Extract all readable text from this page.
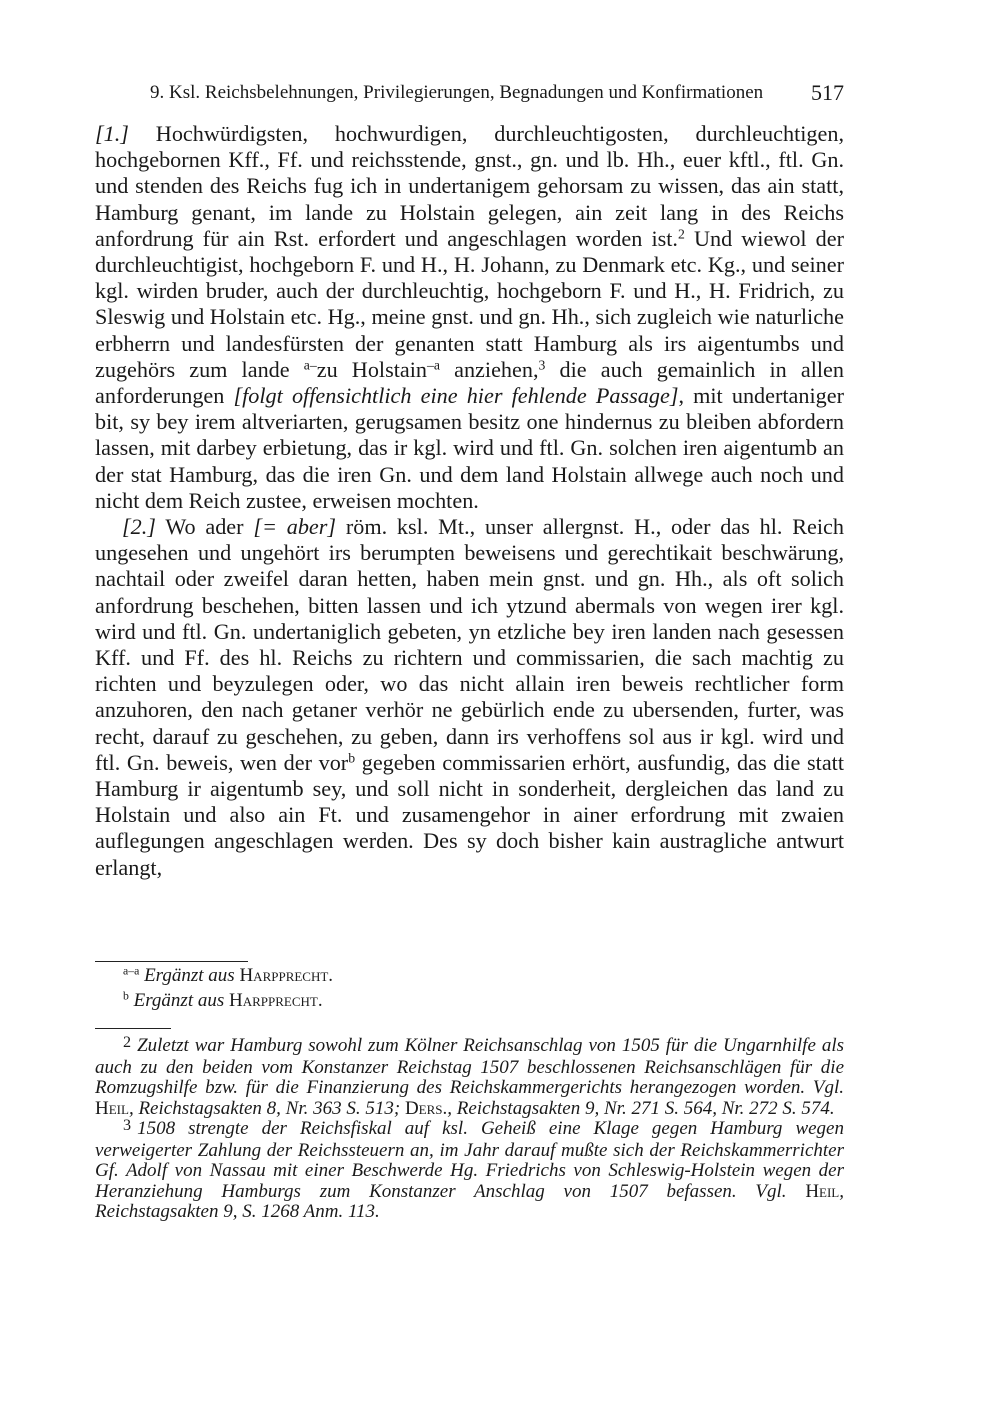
9. Ksl. Reichsbelehnungen, Privilegierungen, Begnadungen und Konfirmationen 517

[1.] Hochwürdigsten, hochwurdigen, durchleuchtigosten, durchleuchtigen, hochgebornen Kff., Ff. und reichsstende, gnst., gn. und lb. Hh., euer kftl., ftl. Gn. und stenden des Reichs fug ich in undertanigem gehorsam zu wissen, das ain statt, Hamburg genant, im lande zu Holstain gelegen, ain zeit lang in des Reichs anfordrung für ain Rst. erfordert und angeschlagen worden ist.$^2$ Und wiewol der durchleuchtigist, hochgeborn F. und H., H. Johann, zu Denmark etc. Kg., und seiner kgl. wirden bruder, auch der durchleuchtig, hochgeborn F. und H., H. Fridrich, zu Sleswig und Holstain etc. Hg., meine gnst. und gn. Hh., sich zugleich wie naturliche erbherrn und landesfürsten der genanten statt Hamburg als irs aigentumbs und zugehörs zum lande $^{a-}$zu Holstain$^{-a}$ anziehen,$^3$ die auch gemainlich in allen anforderungen [folgt offensichtlich eine hier fehlende Passage], mit undertaniger bit, sy bey irem altveriarten, gerugsamen besitz one hindernus zu bleiben abfordern lassen, mit darbey erbietung, das ir kgl. wird und ftl. Gn. solchen iren aigentumb an der stat Hamburg, das die iren Gn. und dem land Holstain allwege auch noch und nicht dem Reich zustee, erweisen mochten.

[2.] Wo ader [= aber] röm. ksl. Mt., unser allergnst. H., oder das hl. Reich ungesehen und ungehört irs berumpten beweisens und gerechtikait beschwärung, nachtail oder zweifel daran hetten, haben mein gnst. und gn. Hh., als oft solich anfordrung beschehen, bitten lassen und ich ytzund abermals von wegen irer kgl. wird und ftl. Gn. undertaniglich gebeten, yn etzliche bey iren landen nach gesessen Kff. und Ff. des hl. Reichs zu richtern und commissarien, die sach machtig zu richten und beyzulegen oder, wo das nicht allain iren beweis rechtlicher form anzuhoren, den nach getaner verhör ne gebürlich ende zu ubersenden, furter, was recht, darauf zu geschehen, zu geben, dann irs verhoffens sol aus ir kgl. wird und ftl. Gn. beweis, wen der vor$^b$ gegeben commissarien erhört, ausfundig, das die statt Hamburg ir aigentumb sey, und soll nicht in sonderheit, dergleichen das land zu Holstain und also ain Ft. und zusamengehor in ainer erfordrung mit zwaien auflegungen angeschlagen werden. Des sy doch bisher kain austragliche antwurt erlangt,

$^{a-a}$ Ergänzt aus Harpprecht.
$^b$ Ergänzt aus Harpprecht.

$^2$ Zuletzt war Hamburg sowohl zum Kölner Reichsanschlag von 1505 für die Ungarnhilfe als auch zu den beiden vom Konstanzer Reichstag 1507 beschlossenen Reichsanschlägen für die Romzugshilfe bzw. für die Finanzierung des Reichskammergerichts herangezogen worden. Vgl. Heil, Reichstagsakten 8, Nr. 363 S. 513; Ders., Reichstagsakten 9, Nr. 271 S. 564, Nr. 272 S. 574.

$^3$ 1508 strengte der Reichsfiskal auf ksl. Geheiß eine Klage gegen Hamburg wegen verweigerter Zahlung der Reichssteuern an, im Jahr darauf mußte sich der Reichskammerrichter Gf. Adolf von Nassau mit einer Beschwerde Hg. Friedrichs von Schleswig-Holstein wegen der Heranziehung Hamburgs zum Konstanzer Anschlag von 1507 befassen. Vgl. Heil, Reichstagsakten 9, S. 1268 Anm. 113.
